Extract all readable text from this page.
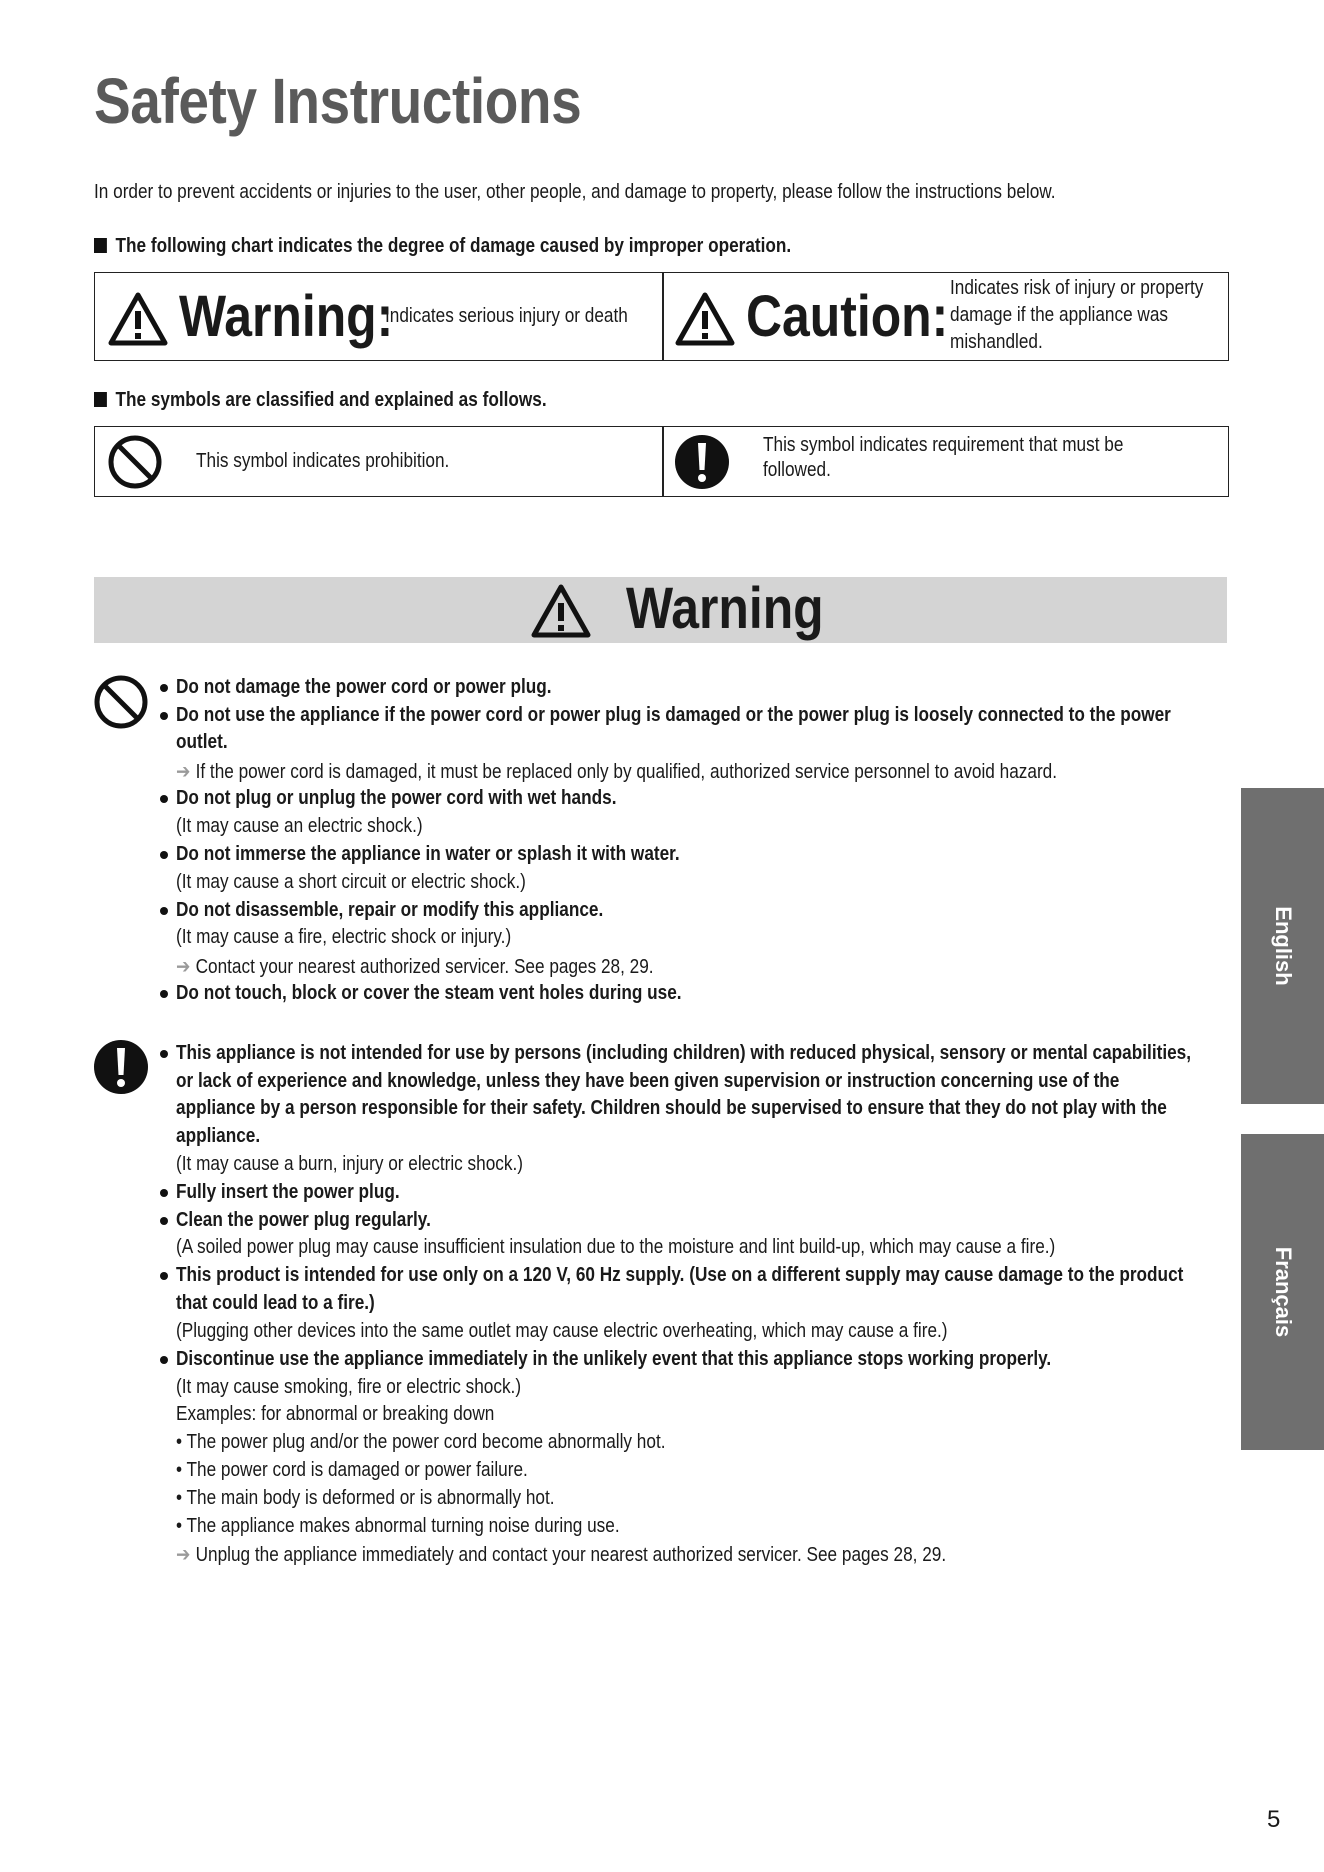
Safety Instructions
In order to prevent accidents or injuries to the user, other people, and damage to property, please follow the instructions below.
The following chart indicates the degree of damage caused by improper operation.
Warning:
Indicates serious injury or death Caution: Indicates risk of injury or property
damage if the appliance was
mishandled.
The symbols are classified and explained as follows.
This symbol indicates prohibition.
This symbol indicates requirement that must be
followed.
Warning
Do not damage the power cord or power plug.
Do not use the appliance if the power cord or power plug is damaged or the power plug is loosely connected to the power
outlet.
➔ If the power cord is damaged, it must be replaced only by qualified, authorized service personnel to avoid hazard.
Do not plug or unplug the power cord with wet hands.
(It may cause an electric shock.)
Do not immerse the appliance in water or splash it with water.
(It may cause a short circuit or electric shock.)
Do not disassemble, repair or modify this appliance.
(It may cause a fire, electric shock or injury.)
➔ Contact your nearest authorized servicer. See pages 28, 29.
Do not touch, block or cover the steam vent holes during use.
This appliance is not intended for use by persons (including children) with reduced physical, sensory or mental capabilities,
or lack of experience and knowledge, unless they have been given supervision or instruction concerning use of the
appliance by a person responsible for their safety. Children should be supervised to ensure that they do not play with the
appliance.
(It may cause a burn, injury or electric shock.)
Fully insert the power plug.
Clean the power plug regularly.
(A soiled power plug may cause insufficient insulation due to the moisture and lint build-up, which may cause a fire.)
This product is intended for use only on a 120 V, 60 Hz supply. (Use on a different supply may cause damage to the product
that could lead to a fire.)
(Plugging other devices into the same outlet may cause electric overheating, which may cause a fire.)
Discontinue use the appliance immediately in the unlikely event that this appliance stops working properly.
(It may cause smoking, fire or electric shock.)
Examples: for abnormal or breaking down
• The power plug and/or the power cord become abnormally hot.
• The power cord is damaged or power failure.
• The main body is deformed or is abnormally hot.
• The appliance makes abnormal turning noise during use.
➔ Unplug the appliance immediately and contact your nearest authorized servicer. See pages 28, 29.
English
Français
5
